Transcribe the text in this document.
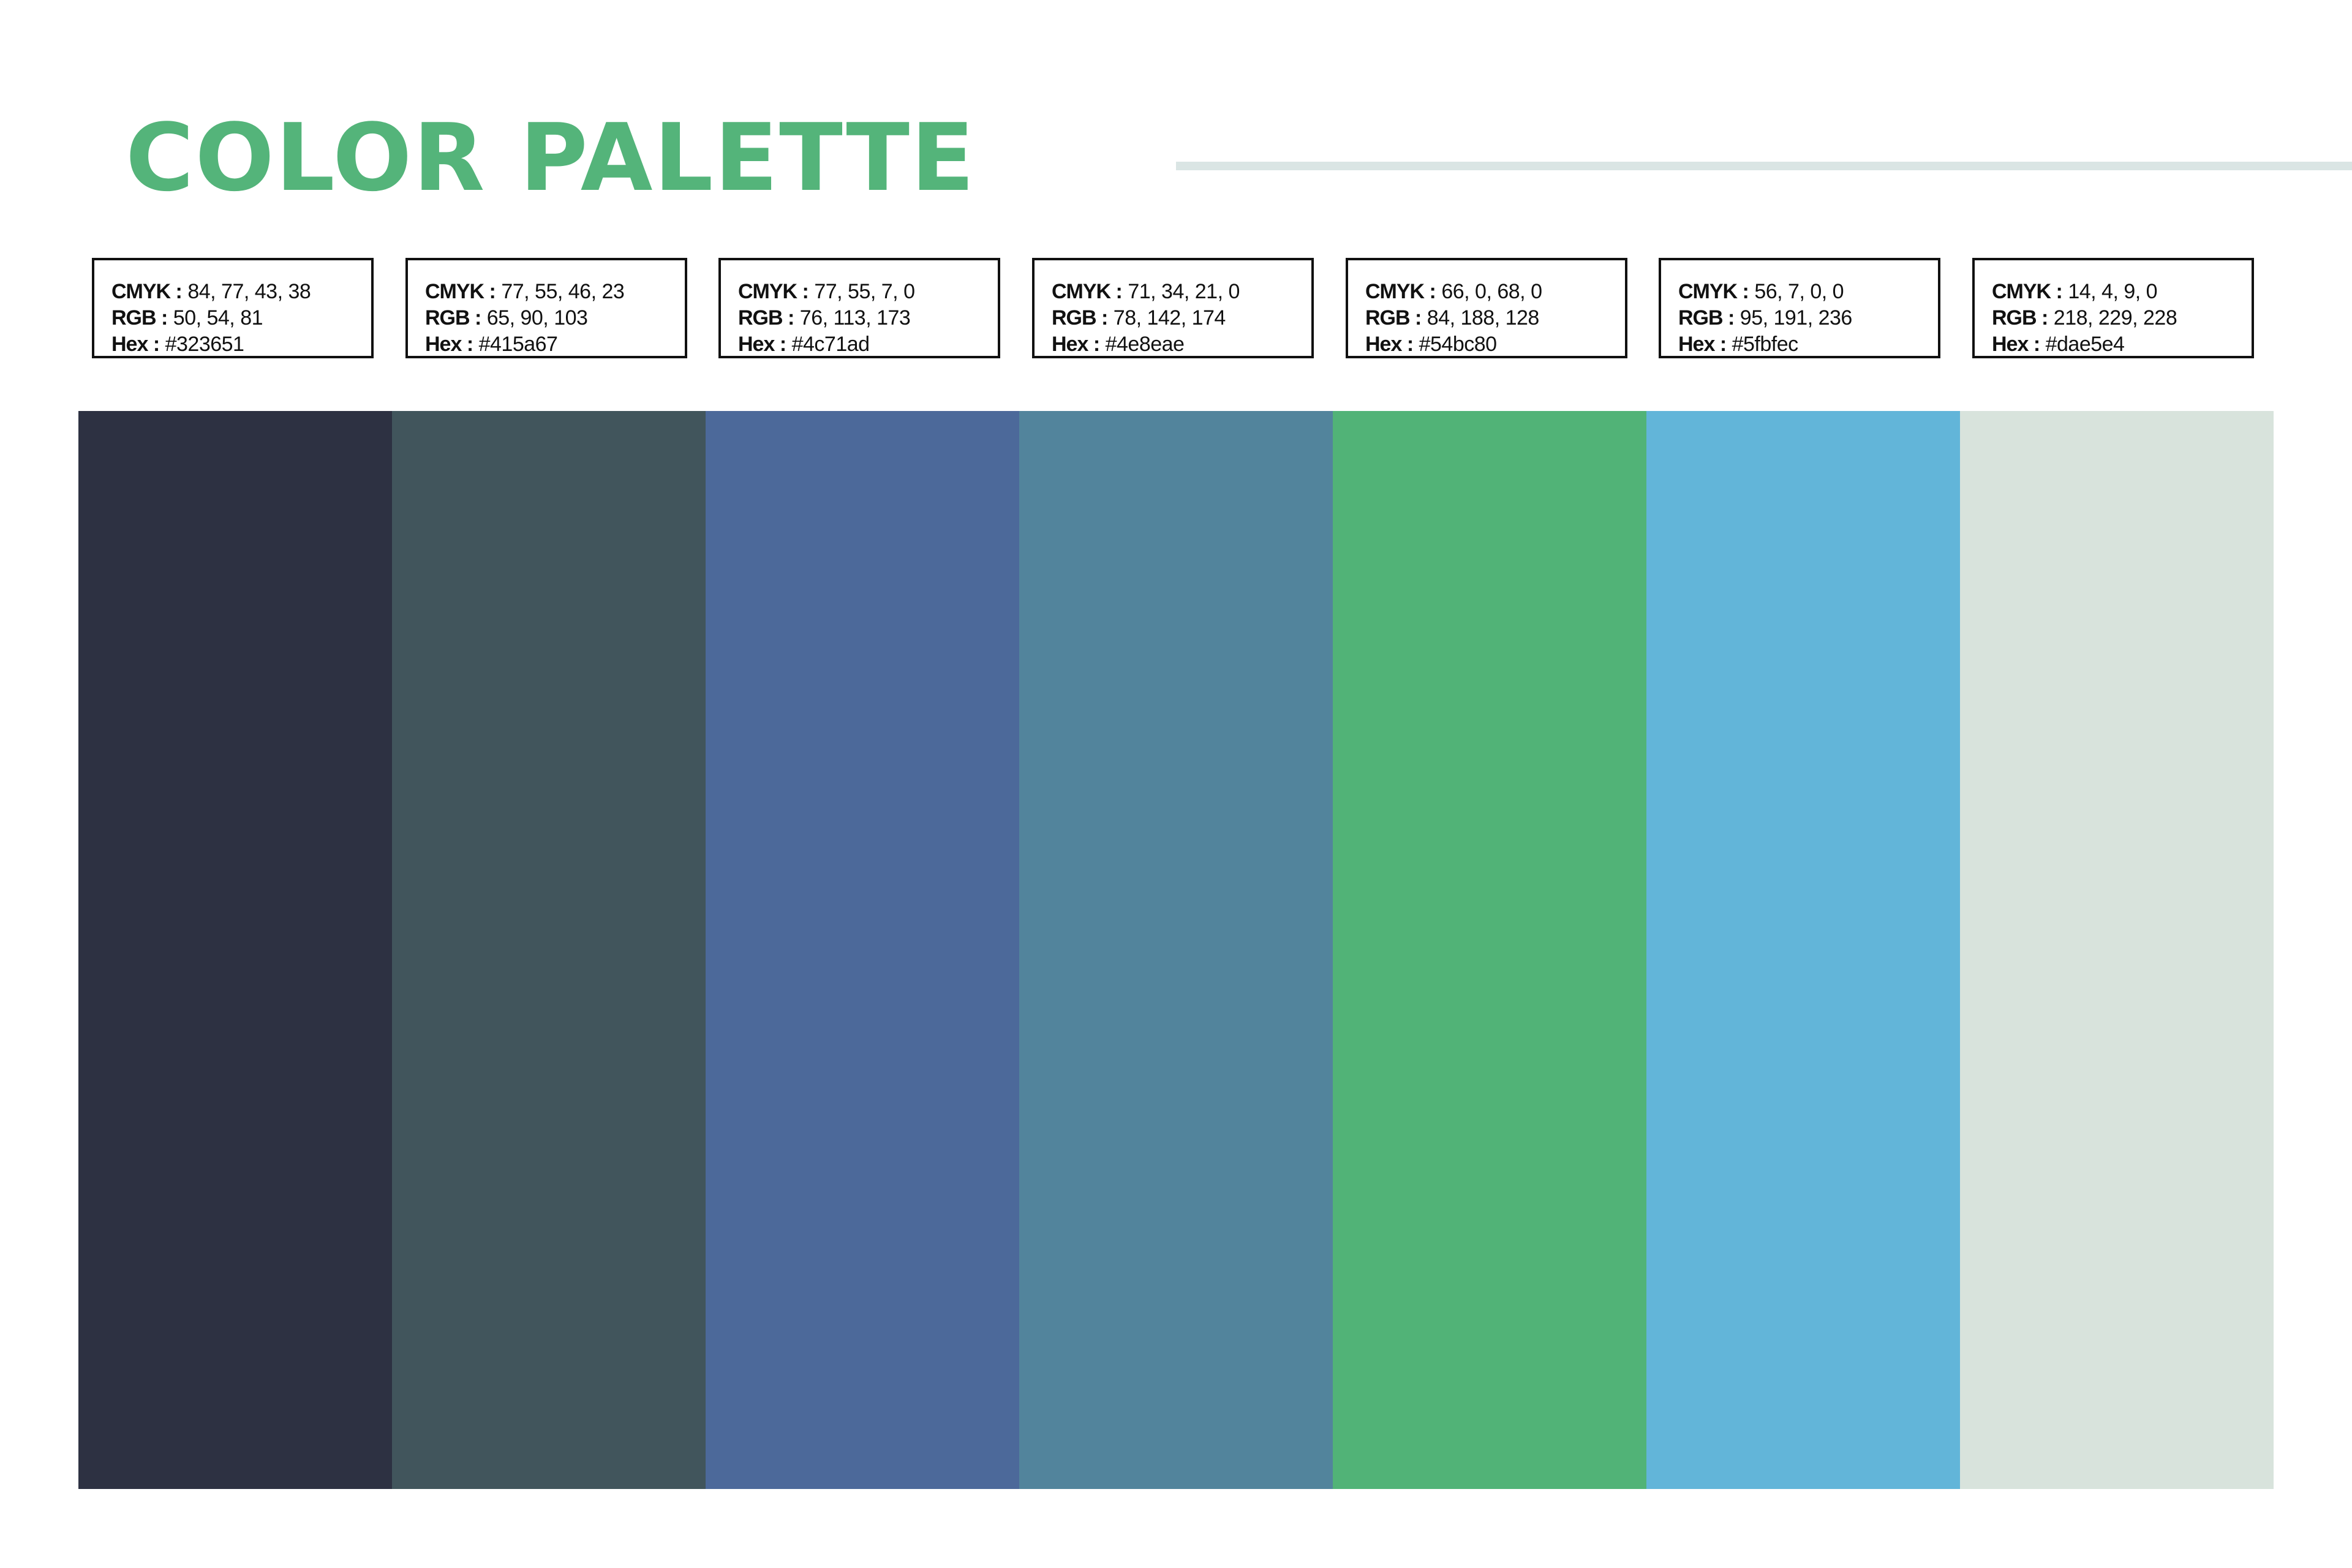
COLOR PALETTE
CMYK : 84, 77, 43, 38
RGB : 50, 54, 81
Hex : #323651
CMYK : 77, 55, 46, 23
RGB : 65, 90, 103
Hex : #415a67
CMYK : 77, 55, 7, 0
RGB : 76, 113, 173
Hex : #4c71ad
CMYK : 71, 34, 21, 0
RGB : 78, 142, 174
Hex : #4e8eae
CMYK : 66, 0, 68, 0
RGB : 84, 188, 128
Hex : #54bc80
CMYK : 56, 7, 0, 0
RGB : 95, 191, 236
Hex : #5fbfec
CMYK : 14, 4, 9, 0
RGB : 218, 229, 228
Hex : #dae5e4
